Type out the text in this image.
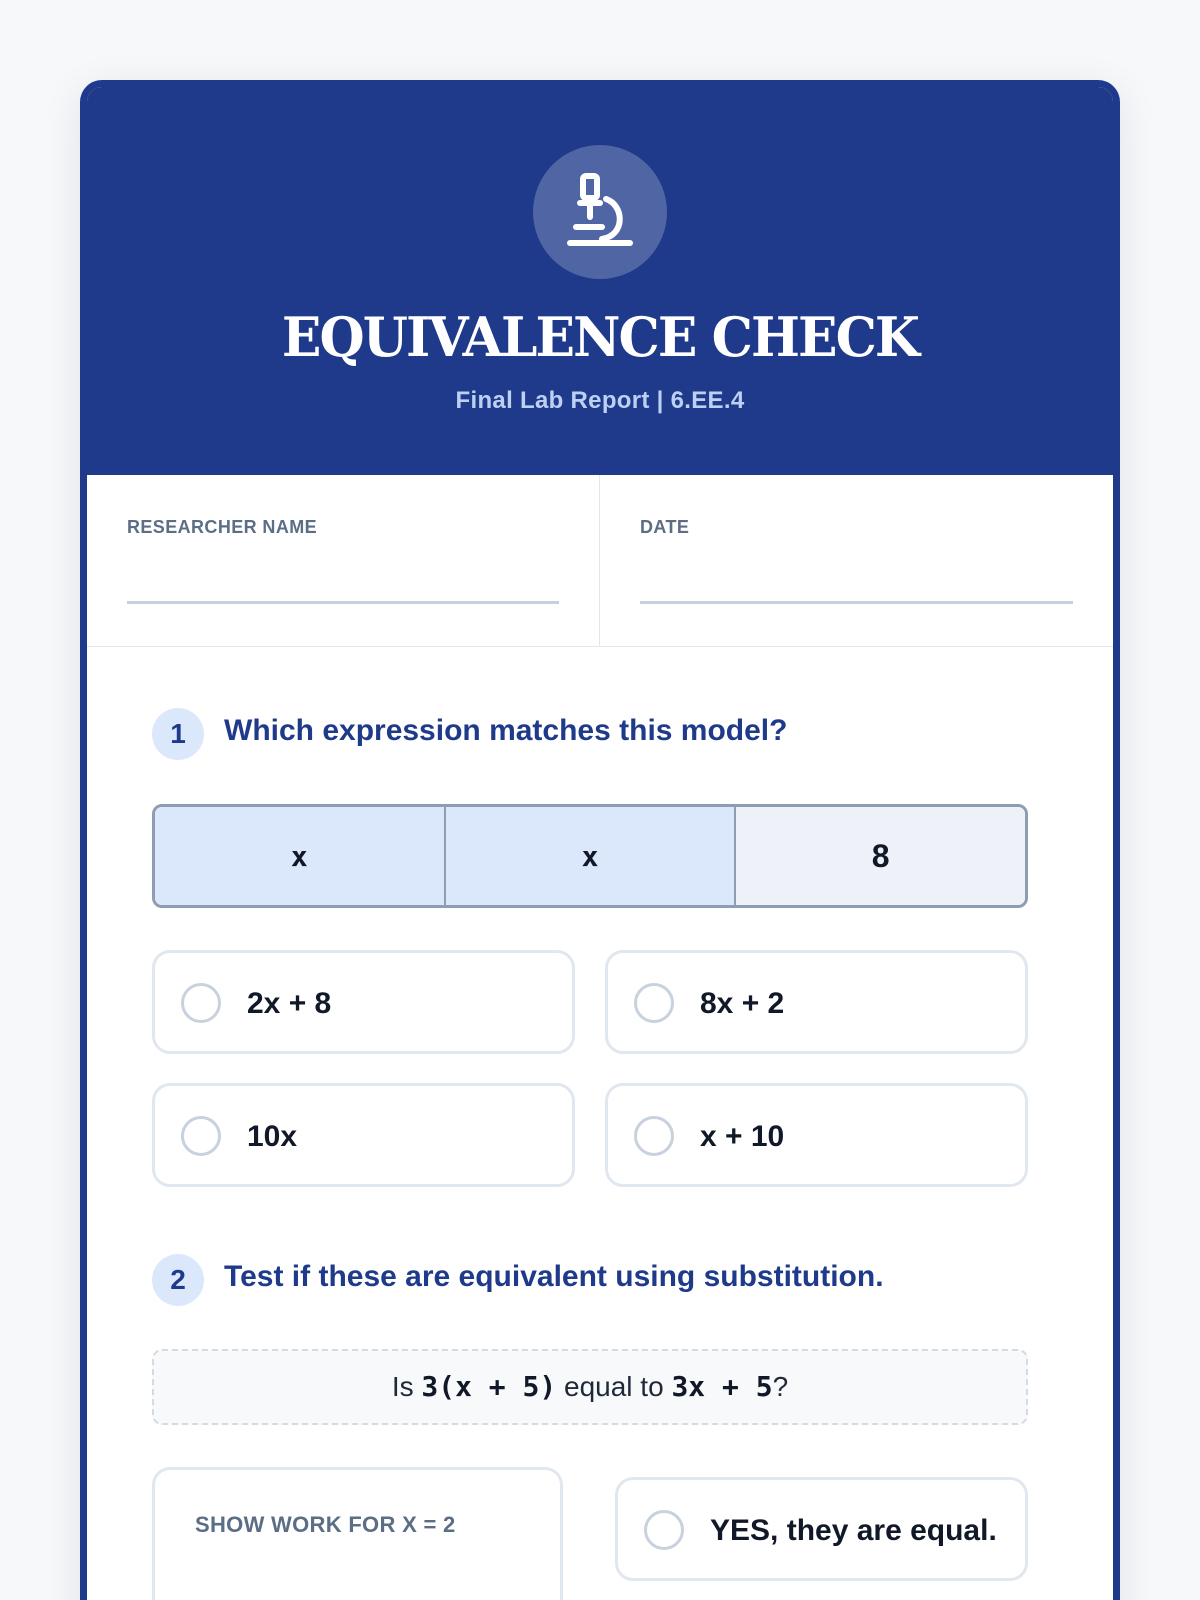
EQUIVALENCE CHECK
Final Lab Report | 6.EE.4
RESEARCHER NAME	DATE
1	Which expression matches this model?
x	x	8
2x + 8	8x + 2
10x	x + 10
2	Test if these are equivalent using substitution.
Is 3(x + 5) equal to 3x + 5?
SHOW WORK FOR X = 2	YES, they are equal.
